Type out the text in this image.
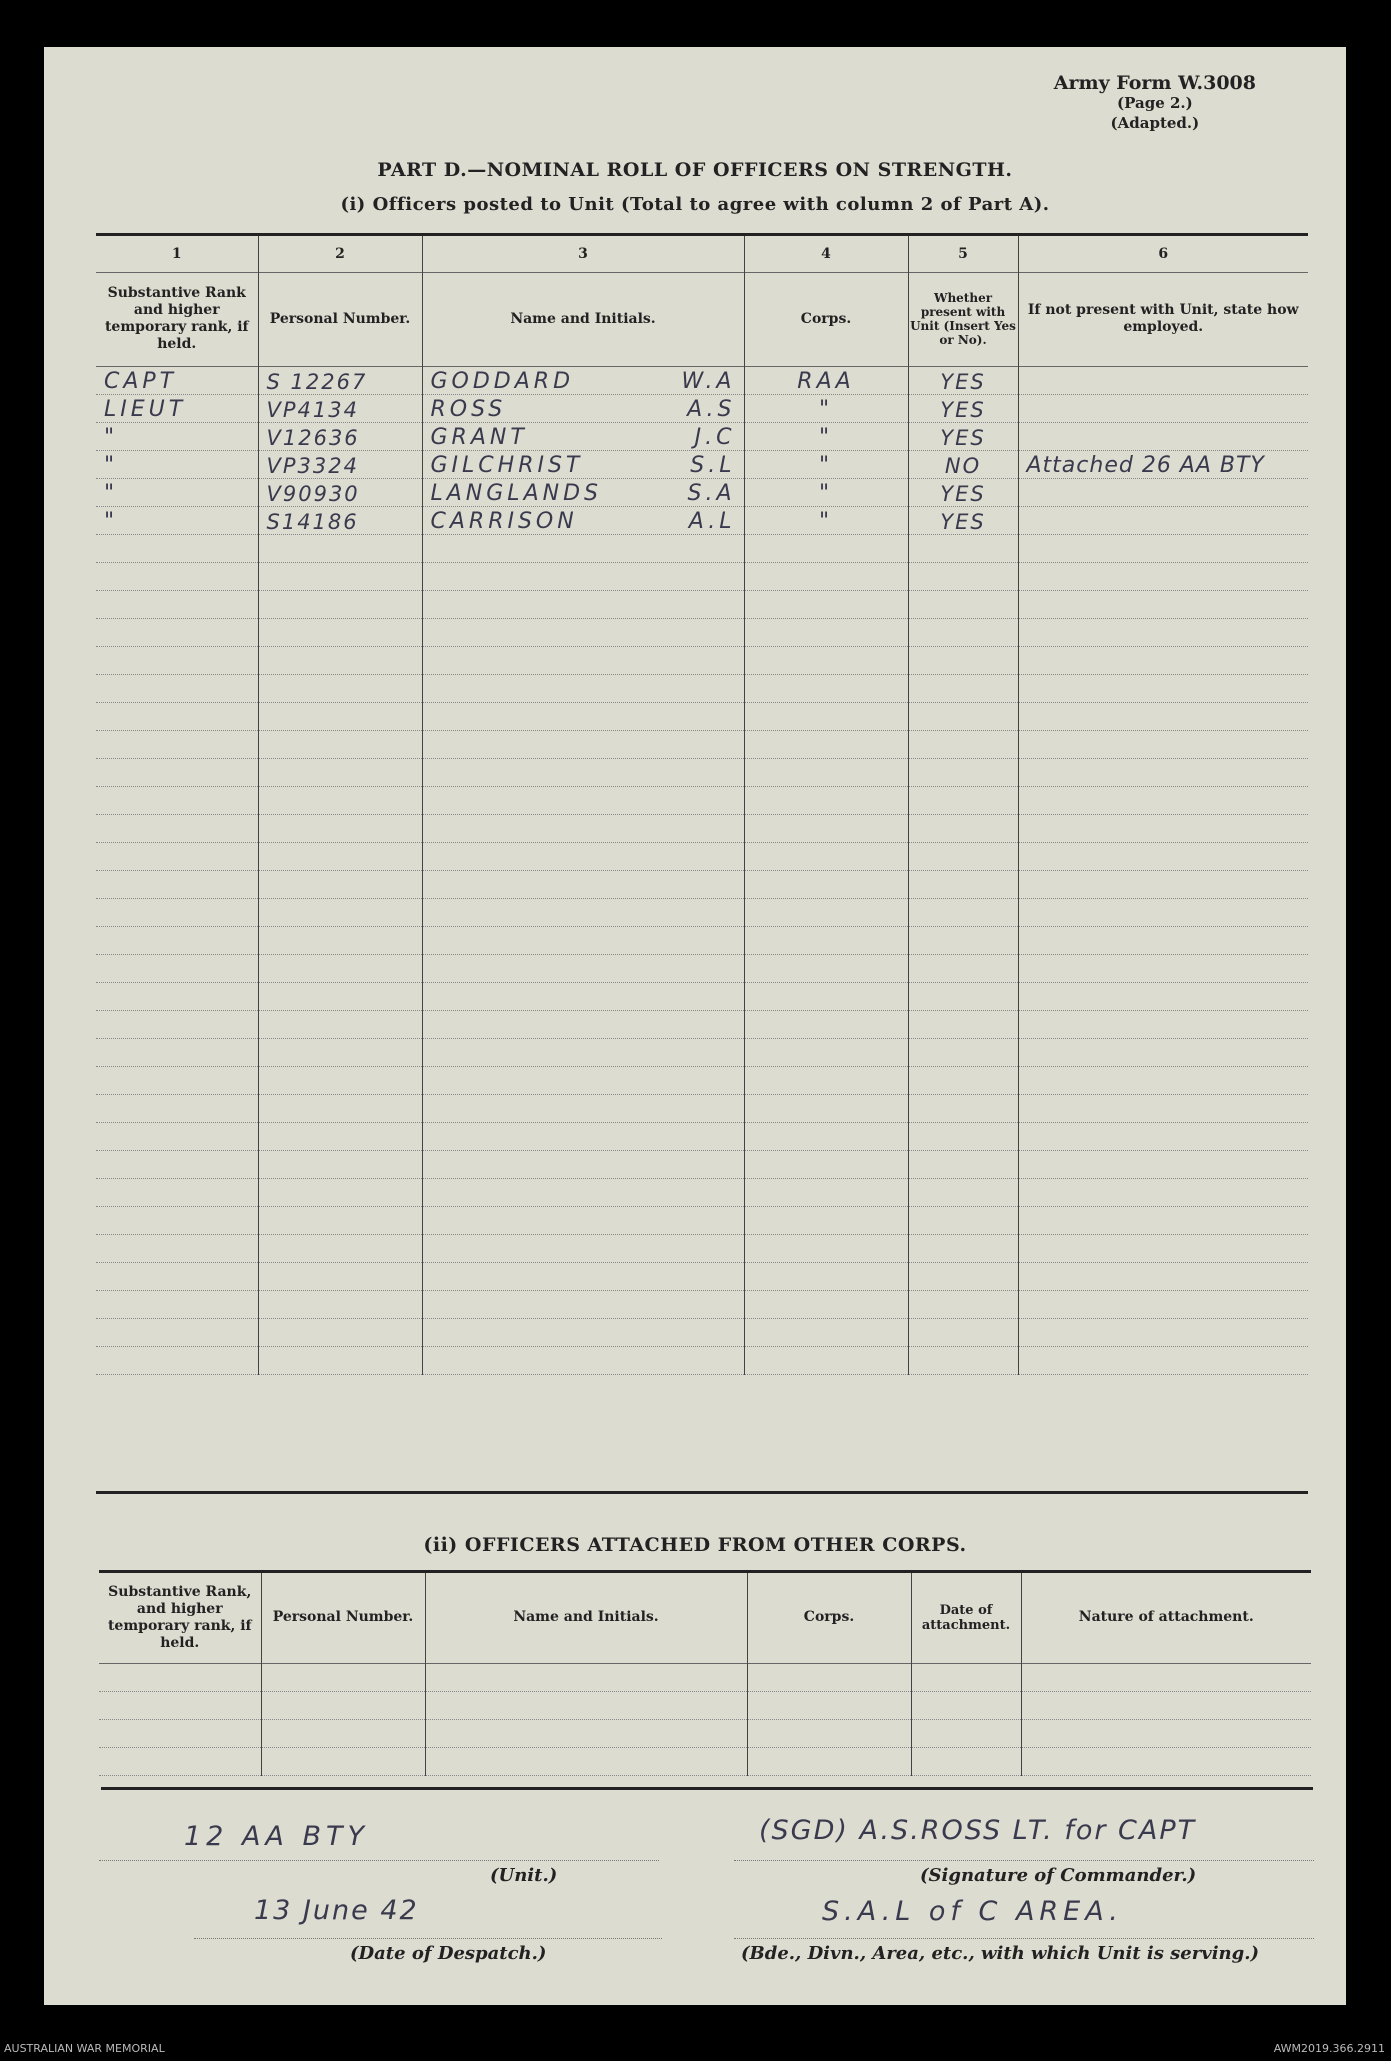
Army Form W.3008
(Page 2.)
(Adapted.)
PART D.—NOMINAL ROLL OF OFFICERS ON STRENGTH.
(i) Officers posted to Unit (Total to agree with column 2 of Part A).
1	2	3	4	5	6
Substantive Rank and higher temporary rank, if held.	Personal Number.	Name and Initials.	Corps.	Whether present with Unit (Insert Yes or No).	If not present with Unit, state how employed.
CAPT	S 12267	GODDARD W.A	RAA	YES	
LIEUT	VP4134	ROSS A.S	"	YES	
"	V12636	GRANT J.C	"	YES	
"	VP3324	GILCHRIST S.L	"	NO	Attached 26 AA BTY
"	V90930	LANGLANDS S.A	"	YES	
"	S14186	CARRISON A.L	"	YES	

(ii) OFFICERS ATTACHED FROM OTHER CORPS.
Substantive Rank, and higher temporary rank, if held.	Personal Number.	Name and Initials.	Corps.	Date of attachment.	Nature of attachment.

12 AA BTY
(Unit.)
(SGD) A.S.ROSS LT. for CAPT
(Signature of Commander.)
13 June 42
(Date of Despatch.)
S.A.L of C AREA.
(Bde., Divn., Area, etc., with which Unit is serving.)
AUSTRALIAN WAR MEMORIAL	AWM2019.366.2911
